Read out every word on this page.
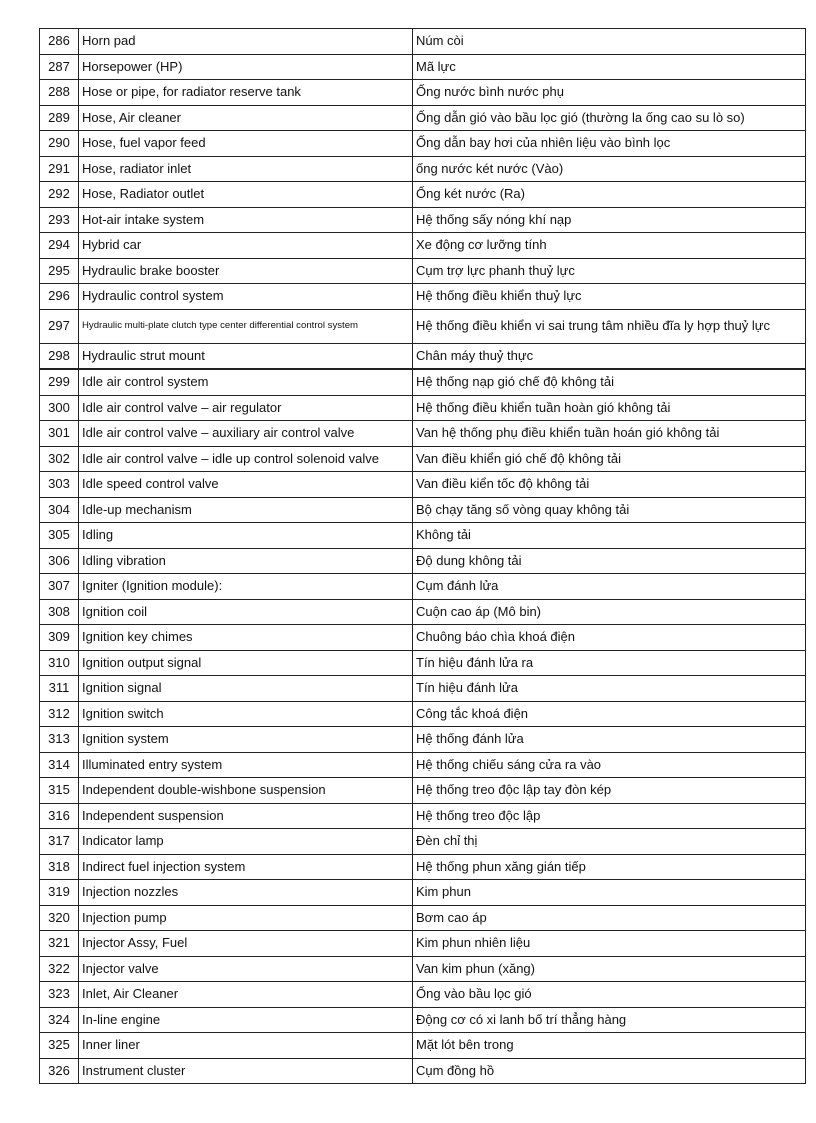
286	Horn pad	Núm còi
287	Horsepower (HP)	Mã lực
288	Hose or pipe, for radiator reserve tank	Ống nước bình nước phụ
289	Hose, Air cleaner	Ống dẫn gió vào bầu lọc gió (thường la ống cao su lò so)
290	Hose, fuel vapor feed	Ống dẫn bay hơi của nhiên liệu vào bình lọc
291	Hose, radiator inlet	ống nước két nước (Vào)
292	Hose, Radiator outlet	Ống két nước (Ra)
293	Hot-air intake system	Hệ thống sấy nóng khí nạp
294	Hybrid car	Xe động cơ lưỡng tính
295	Hydraulic brake booster	Cụm trợ lực phanh thuỷ lực
296	Hydraulic control system	Hệ thống điều khiển thuỷ lực
297	Hydraulic multi-plate clutch type center differential control system	Hệ thống điều khiển vi sai trung tâm nhiều đĩa ly hợp thuỷ lực
298	Hydraulic strut mount	Chân máy thuỷ thực
299	Idle air control system	Hệ thống nạp gió chế độ không tải
300	Idle air control valve – air regulator	Hệ thống điều khiển tuần hoàn gió không tải
301	Idle air control valve – auxiliary air control valve	Van hệ thống phụ điều khiển tuần hoán gió không tải
302	Idle air control valve – idle up control solenoid valve	Van điều khiển gió chế độ không tải
303	Idle speed control valve	Van điều kiển tốc độ không tải
304	Idle-up mechanism	Bộ chạy tăng số vòng quay không tải
305	Idling	Không tải
306	Idling vibration	Độ dung không tải
307	Igniter (Ignition module):	Cụm đánh lửa
308	Ignition coil	Cuộn cao áp (Mô bin)
309	Ignition key chimes	Chuông báo chìa khoá điện
310	Ignition output signal	Tín hiệu đánh lửa ra
311	Ignition signal	Tín hiệu đánh lửa
312	Ignition switch	Công tắc khoá điện
313	Ignition system	Hệ thống đánh lửa
314	Illuminated entry system	Hệ thống chiếu sáng cửa ra vào
315	Independent double-wishbone suspension	Hệ thống treo độc lập tay đòn kép
316	Independent suspension	Hệ thống treo độc lập
317	Indicator lamp	Đèn chỉ thị
318	Indirect fuel injection system	Hệ thống phun xăng gián tiếp
319	Injection nozzles	Kim phun
320	Injection pump	Bơm cao áp
321	Injector Assy, Fuel	Kim phun nhiên liệu
322	Injector valve	Van kim phun (xăng)
323	Inlet, Air Cleaner	Ống vào bầu lọc gió
324	In-line engine	Động cơ có xi lanh bố trí thẳng hàng
325	Inner liner	Mặt lót bên trong
326	Instrument cluster	Cụm đồng hồ
